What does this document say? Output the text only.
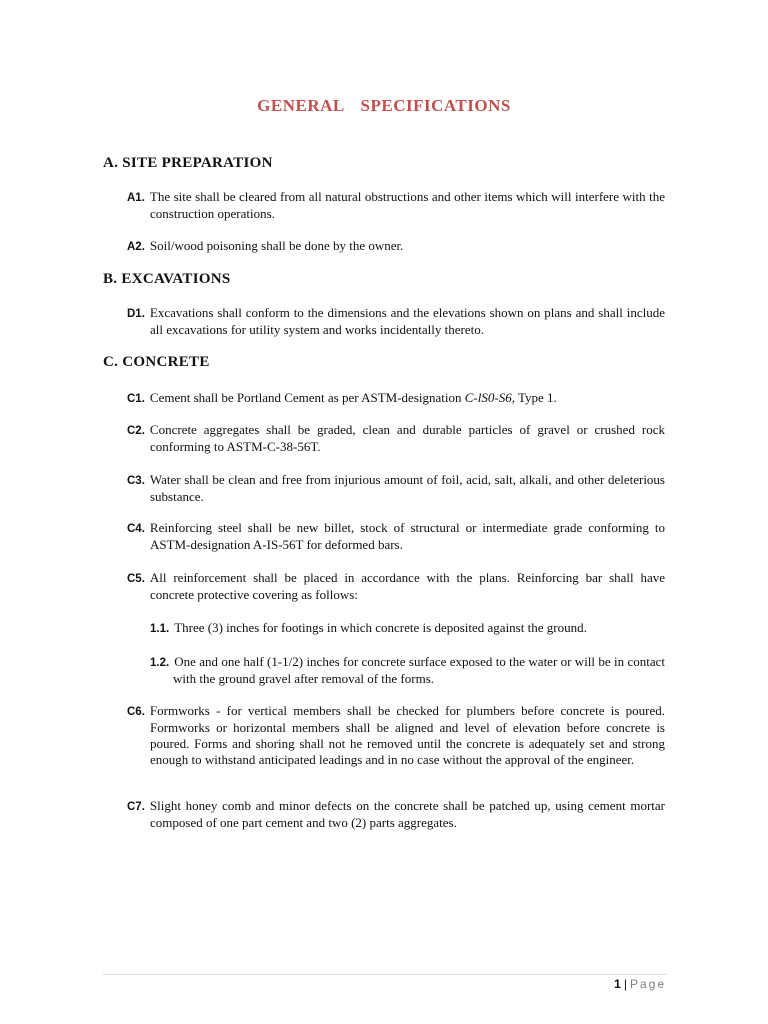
GENERAL SPECIFICATIONS
A. SITE PREPARATION
A1. The site shall be cleared from all natural obstructions and other items which will interfere with the construction operations.
A2. Soil/wood poisoning shall be done by the owner.
B. EXCAVATIONS
D1. Excavations shall conform to the dimensions and the elevations shown on plans and shall include all excavations for utility system and works incidentally thereto.
C. CONCRETE
C1. Cement shall be Portland Cement as per ASTM-designation C-lS0-S6, Type 1.
C2. Concrete aggregates shall be graded, clean and durable particles of gravel or crushed rock conforming to ASTM-C-38-56T.
C3. Water shall be clean and free from injurious amount of foil, acid, salt, alkali, and other deleterious substance.
C4. Reinforcing steel shall be new billet, stock of structural or intermediate grade conforming to ASTM-designation A-IS-56T for deformed bars.
C5. All reinforcement shall be placed in accordance with the plans. Reinforcing bar shall have concrete protective covering as follows:
1.1. Three (3) inches for footings in which concrete is deposited against the ground.
1.2. One and one half (1-1/2) inches for concrete surface exposed to the water or will be in contact with the ground gravel after removal of the forms.
C6. Formworks - for vertical members shall be checked for plumbers before concrete is poured. Formworks or horizontal members shall be aligned and level of elevation before concrete is poured. Forms and shoring shall not he removed until the concrete is adequately set and strong enough to withstand anticipated leadings and in no case without the approval of the engineer.
C7. Slight honey comb and minor defects on the concrete shall be patched up, using cement mortar composed of one part cement and two (2) parts aggregates.
1 | Page
